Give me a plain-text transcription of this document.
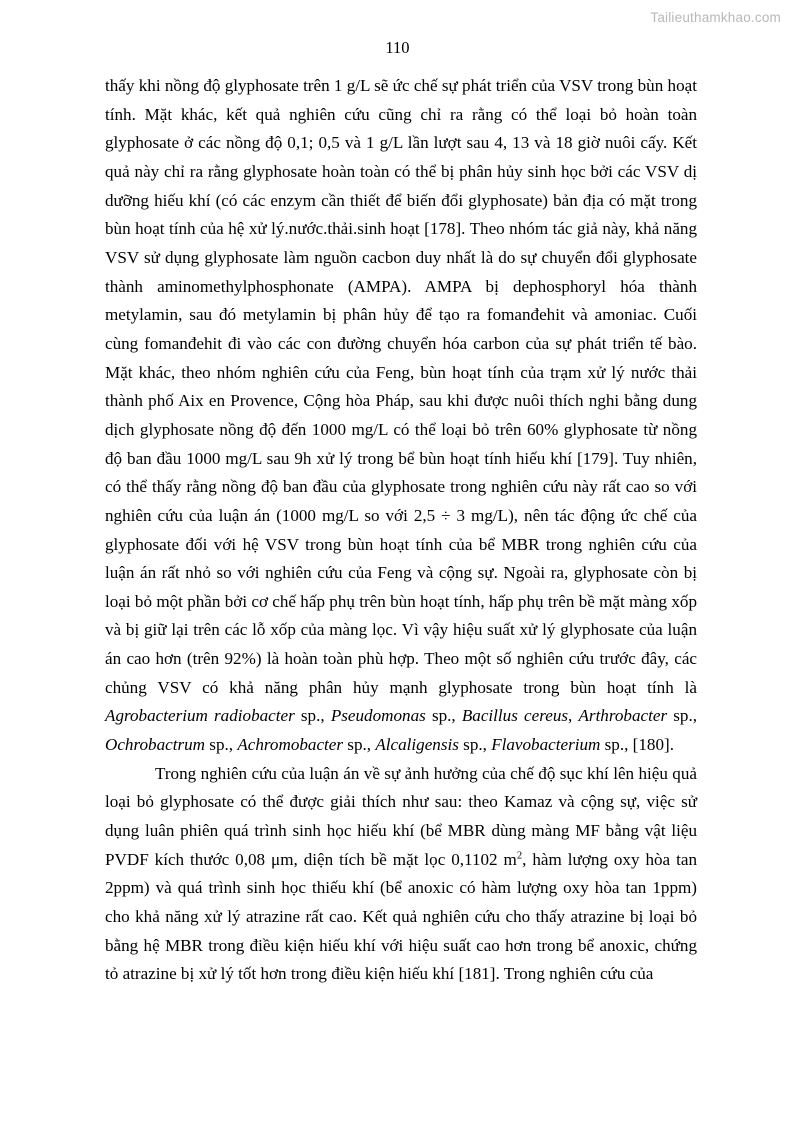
Tailieuthamkhao.com
110

thấy khi nồng độ glyphosate trên 1 g/L sẽ ức chế sự phát triển của VSV trong bùn hoạt tính. Mặt khác, kết quả nghiên cứu cũng chỉ ra rằng có thể loại bỏ hoàn toàn glyphosate ở các nồng độ 0,1; 0,5 và 1 g/L lần lượt sau 4, 13 và 18 giờ nuôi cấy. Kết quả này chỉ ra rằng glyphosate hoàn toàn có thể bị phân hủy sinh học bởi các VSV dị dưỡng hiếu khí (có các enzym cần thiết để biến đổi glyphosate) bản địa có mặt trong bùn hoạt tính của hệ xử lý.nước.thải.sinh hoạt [178]. Theo nhóm tác giả này, khả năng VSV sử dụng glyphosate làm nguồn cacbon duy nhất là do sự chuyển đổi glyphosate thành aminomethylphosphonate (AMPA). AMPA bị dephosphoryl hóa thành metylamin, sau đó metylamin bị phân hủy để tạo ra fomanđehit và amoniac. Cuối cùng fomanđehit đi vào các con đường chuyển hóa carbon của sự phát triển tế bào. Mặt khác, theo nhóm nghiên cứu của Feng, bùn hoạt tính của trạm xử lý nước thải thành phố Aix en Provence, Cộng hòa Pháp, sau khi được nuôi thích nghi bằng dung dịch glyphosate nồng độ đến 1000 mg/L có thể loại bỏ trên 60% glyphosate từ nồng độ ban đầu 1000 mg/L sau 9h xử lý trong bể bùn hoạt tính hiếu khí [179]. Tuy nhiên, có thể thấy rằng nồng độ ban đầu của glyphosate trong nghiên cứu này rất cao so với nghiên cứu của luận án (1000 mg/L so với 2,5 ÷ 3 mg/L), nên tác động ức chế của glyphosate đối với hệ VSV trong bùn hoạt tính của bể MBR trong nghiên cứu của luận án rất nhỏ so với nghiên cứu của Feng và cộng sự. Ngoài ra, glyphosate còn bị loại bỏ một phần bởi cơ chế hấp phụ trên bùn hoạt tính, hấp phụ trên bề mặt màng xốp và bị giữ lại trên các lỗ xốp của màng lọc. Vì vậy hiệu suất xử lý glyphosate của luận án cao hơn (trên 92%) là hoàn toàn phù hợp. Theo một số nghiên cứu trước đây, các chủng VSV có khả năng phân hủy mạnh glyphosate trong bùn hoạt tính là Agrobacterium radiobacter sp., Pseudomonas sp., Bacillus cereus, Arthrobacter sp., Ochrobactrum sp., Achromobacter sp., Alcaligensis sp., Flavobacterium sp., [180].

Trong nghiên cứu của luận án về sự ảnh hưởng của chế độ sục khí lên hiệu quả loại bỏ glyphosate có thể được giải thích như sau: theo Kamaz và cộng sự, việc sử dụng luân phiên quá trình sinh học hiếu khí (bể MBR dùng màng MF bằng vật liệu PVDF kích thước 0,08 μm, diện tích bề mặt lọc 0,1102 $m^2$, hàm lượng oxy hòa tan 2ppm) và quá trình sinh học thiếu khí (bể anoxic có hàm lượng oxy hòa tan 1ppm) cho khả năng xử lý atrazine rất cao. Kết quả nghiên cứu cho thấy atrazine bị loại bỏ bằng hệ MBR trong điều kiện hiếu khí với hiệu suất cao hơn trong bể anoxic, chứng tỏ atrazine bị xử lý tốt hơn trong điều kiện hiếu khí [181]. Trong nghiên cứu của
